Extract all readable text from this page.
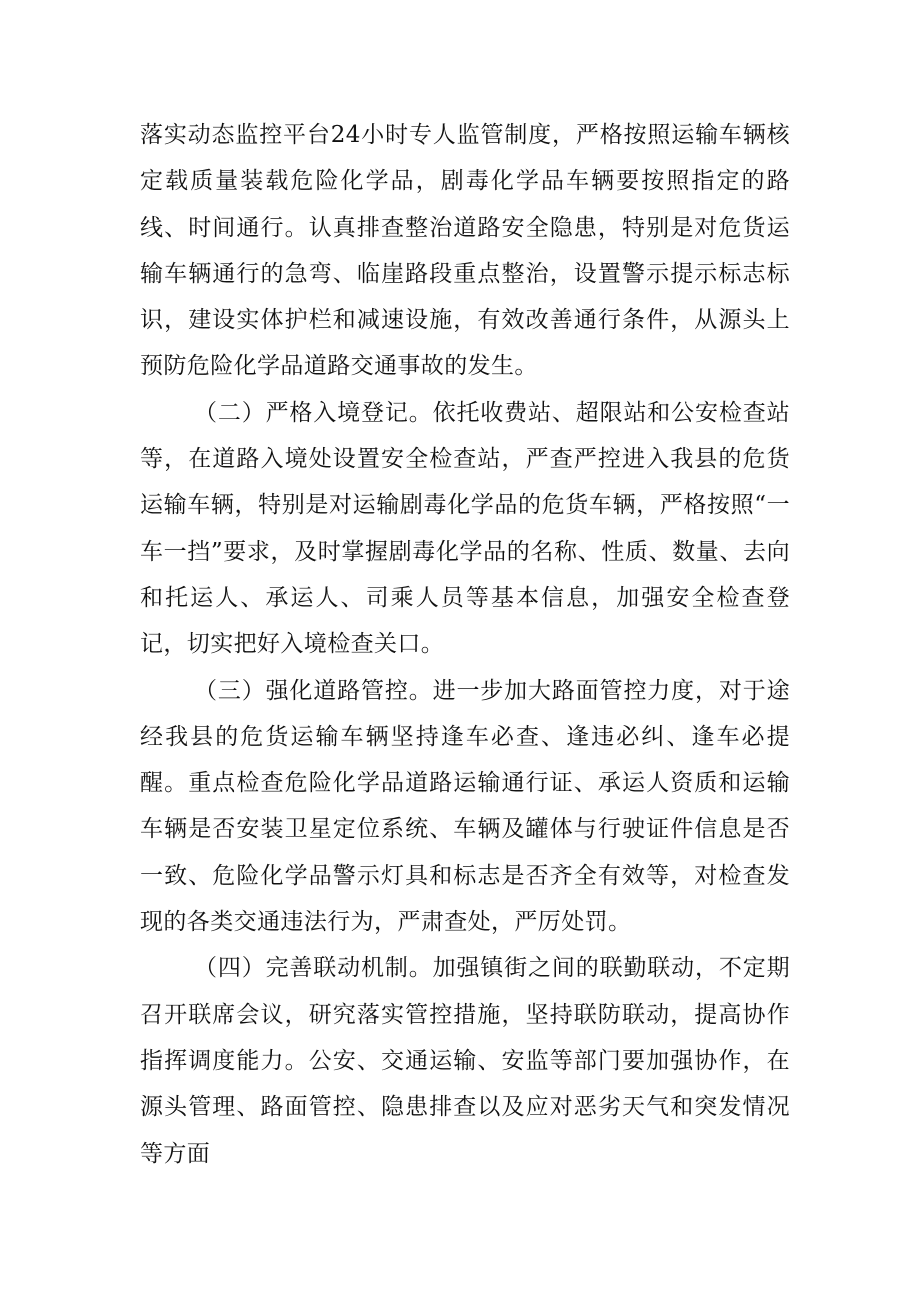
落实动态监控平台24小时专人监管制度，严格按照运输车辆核定载质量装载危险化学品，剧毒化学品车辆要按照指定的路线、时间通行。认真排查整治道路安全隐患，特别是对危货运输车辆通行的急弯、临崖路段重点整治，设置警示提示标志标识，建设实体护栏和减速设施，有效改善通行条件，从源头上预防危险化学品道路交通事故的发生。

（二）严格入境登记。依托收费站、超限站和公安检查站等，在道路入境处设置安全检查站，严查严控进入我县的危货运输车辆，特别是对运输剧毒化学品的危货车辆，严格按照“一车一挡”要求，及时掌握剧毒化学品的名称、性质、数量、去向和托运人、承运人、司乘人员等基本信息，加强安全检查登记，切实把好入境检查关口。

（三）强化道路管控。进一步加大路面管控力度，对于途经我县的危货运输车辆坚持逢车必查、逢违必纠、逢车必提醒。重点检查危险化学品道路运输通行证、承运人资质和运输车辆是否安装卫星定位系统、车辆及罐体与行驶证件信息是否一致、危险化学品警示灯具和标志是否齐全有效等，对检查发现的各类交通违法行为，严肃查处，严厉处罚。

（四）完善联动机制。加强镇街之间的联勤联动，不定期召开联席会议，研究落实管控措施，坚持联防联动，提高协作指挥调度能力。公安、交通运输、安监等部门要加强协作，在源头管理、路面管控、隐患排查以及应对恶劣天气和突发情况等方面
